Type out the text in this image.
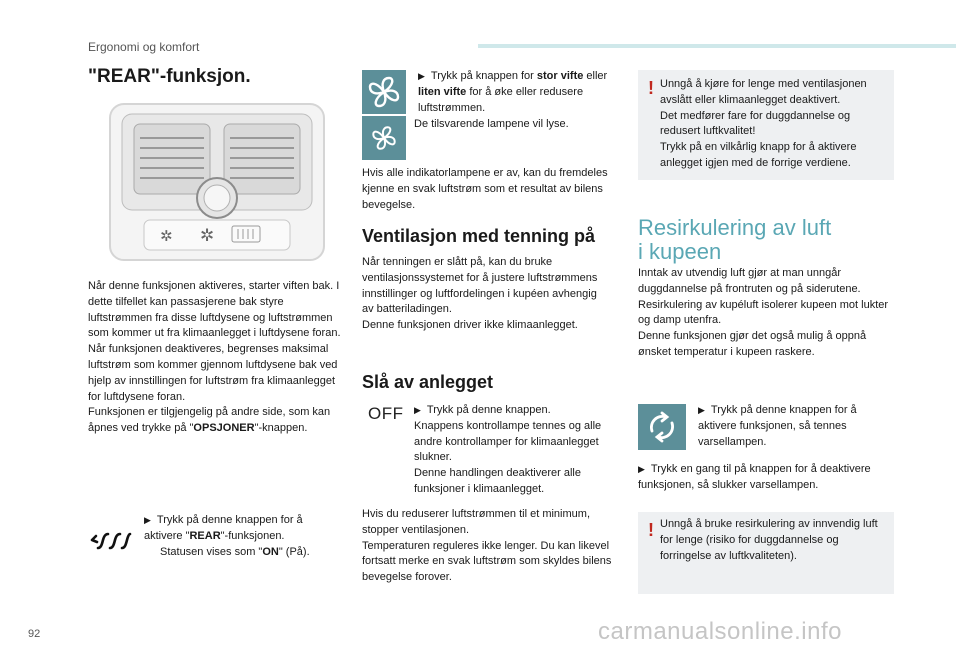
Ergonomi og komfort
"REAR"-funksjon.
✲ ✲

Når denne funksjonen aktiveres, starter viften bak. I dette tilfellet kan passasjerene bak styre luftstrømmen fra disse luftdysene og luftstrømmen som kommer ut fra klimaanlegget i luftdysene foran.

Når funksjonen deaktiveres, begrenses maksimal luftstrøm som kommer gjennom luftdysene bak ved hjelp av innstillingen for luftstrøm fra klimaanlegget for luftdysene foran.

Funksjonen er tilgjengelig på andre side, som kan åpnes ved trykke på "OPSJONER"-knappen.

▶ Trykk på denne knappen for å aktivere "REAR"-funksjonen.

Statusen vises som "ON" (På).

▶ Trykk på knappen for stor vifte eller liten vifte for å øke eller redusere luftstrømmen.

De tilsvarende lampene vil lyse.
Hvis alle indikatorlampene er av, kan du fremdeles kjenne en svak luftstrøm som et resultat av bilens bevegelse.
Ventilasjon med tenning på

Når tenningen er slått på, kan du bruke ventilasjonssystemet for å justere luftstrømmens innstillinger og luftfordelingen i kupéen avhengig av batteriladingen.

Denne funksjonen driver ikke klimaanlegget.

Slå av anlegget
OFF ▶ Trykk på denne knappen.

Knappens kontrollampe tennes og alle andre kontrollamper for klimaanlegget slukner.

Denne handlingen deaktiverer alle funksjoner i klimaanlegget.

Hvis du reduserer luftstrømmen til et minimum, stopper ventilasjonen.

Temperaturen reguleres ikke lenger. Du kan likevel fortsatt merke en svak luftstrøm som skyldes bilens bevegelse forover.

! Unngå å kjøre for lenge med ventilasjonen avslått eller klimaanlegget deaktivert.

Det medfører fare for duggdannelse og redusert luftkvalitet!

Trykk på en vilkårlig knapp for å aktivere anlegget igjen med de forrige verdiene.

Resirkulering av luft
i kupeen

Inntak av utvendig luft gjør at man unngår duggdannelse på frontruten og på siderutene.

Resirkulering av kupéluft isolerer kupeen mot lukter og damp utenfra.

Denne funksjonen gjør det også mulig å oppnå ønsket temperatur i kupeen raskere.

▶ Trykk på denne knappen for å aktivere funksjonen, så tennes varsellampen.

▶ Trykk en gang til på knappen for å deaktivere funksjonen, så slukker varsellampen.

! Unngå å bruke resirkulering av innvendig luft for lenge (risiko for duggdannelse og forringelse av luftkvaliteten).

92	carmanualsonline.info
